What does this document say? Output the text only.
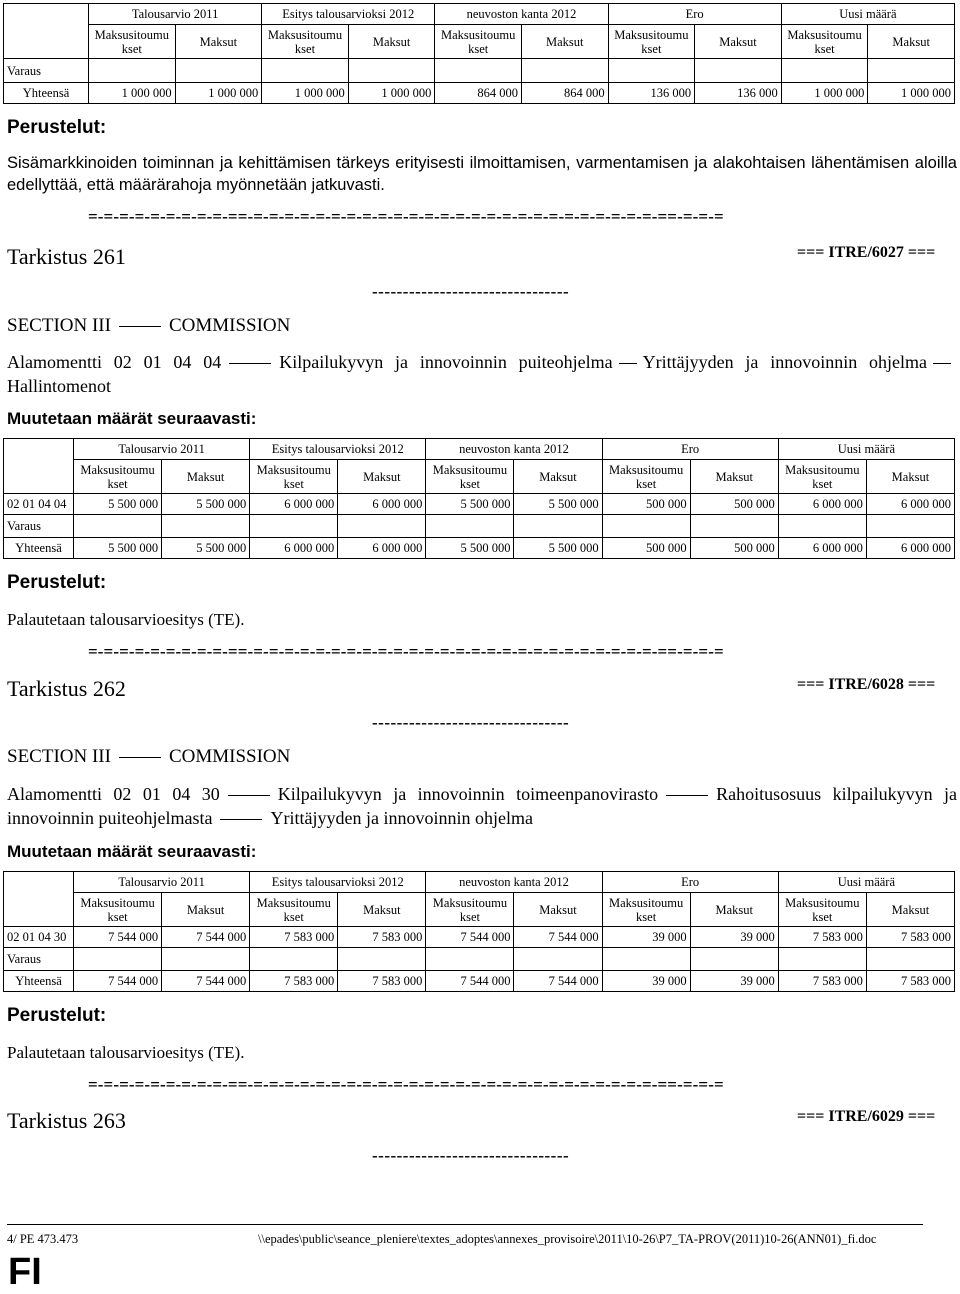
	Talousarvio 2011		Esitys talousarvioksi 2012		neuvoston kanta 2012		Ero		Uusi määrä	
	Maksusitoumu kset	Maksut	Maksusitoumu kset	Maksut	Maksusitoumu kset	Maksut	Maksusitoumu kset	Maksut	Maksusitoumu kset	Maksut
Varaus										
Yhteensä	1 000 000	1 000 000	1 000 000	1 000 000	864 000	864 000	136 000	136 000	1 000 000	1 000 000
Perustelut:
Sisämarkkinoiden toiminnan ja kehittämisen tärkeys erityisesti ilmoittamisen, varmentamisen ja alakohtaisen lähentämisen aloilla edellyttää, että määrärahoja myönnetään jatkuvasti.
=-=-=-=-=-=-=-=-=-==-=-=-=-=-=-=-=-=-=-=-=-=-=-=-=-=-=-=-=-=-=-=-=-=-=-=-==-=-=-=
Tarkistus 261	=== ITRE/6027 ===
--------------------------------
SECTION III	COMMISSION
Alamomentti 02 01 04 04	Kilpailukyvyn ja innovoinnin puiteohjelma Yrittäjyyden ja innovoinnin ohjelmaHallintomenot
Muutetaan määrät seuraavasti:
	Talousarvio 2011		Esitys talousarvioksi 2012		neuvoston kanta 2012		Ero		Uusi määrä	
	Maksusitoumu kset	Maksut	Maksusitoumu kset	Maksut	Maksusitoumu kset	Maksut	Maksusitoumu kset	Maksut	Maksusitoumu kset	Maksut
02 01 04 04	5 500 000	5 500 000	6 000 000	6 000 000	5 500 000	5 500 000	500 000	500 000	6 000 000	6 000 000
Varaus										
Yhteensä	5 500 000	5 500 000	6 000 000	6 000 000	5 500 000	5 500 000	500 000	500 000	6 000 000	6 000 000
Perustelut:
Palautetaan talousarvioesitys (TE).
=-=-=-=-=-=-=-=-=-==-=-=-=-=-=-=-=-=-=-=-=-=-=-=-=-=-=-=-=-=-=-=-=-=-=-=-==-=-=-=
Tarkistus 262	=== ITRE/6028 ===
--------------------------------
SECTION III	COMMISSION
Alamomentti 02 01 04 30	Kilpailukyvyn ja innovoinnin toimeenpanovirasto	Rahoitusosuus kilpailukyvyn ja innovoinnin puiteohjelmasta	Yrittäjyyden ja innovoinnin ohjelma
Muutetaan määrät seuraavasti:
	Talousarvio 2011		Esitys talousarvioksi 2012		neuvoston kanta 2012		Ero		Uusi määrä	
	Maksusitoumu kset	Maksut	Maksusitoumu kset	Maksut	Maksusitoumu kset	Maksut	Maksusitoumu kset	Maksut	Maksusitoumu kset	Maksut
02 01 04 30	7 544 000	7 544 000	7 583 000	7 583 000	7 544 000	7 544 000	39 000	39 000	7 583 000	7 583 000
Varaus										
Yhteensä	7 544 000	7 544 000	7 583 000	7 583 000	7 544 000	7 544 000	39 000	39 000	7 583 000	7 583 000
Perustelut:
Palautetaan talousarvioesitys (TE).
=-=-=-=-=-=-=-=-=-==-=-=-=-=-=-=-=-=-=-=-=-=-=-=-=-=-=-=-=-=-=-=-=-=-=-=-==-=-=-=
Tarkistus 263	=== ITRE/6029 ===
--------------------------------
4/ PE 473.473	\\epades\public\seance_pleniere\textes_adoptes\annexes_provisoire\2011\10-26\P7_TA-PROV(2011)10-26(ANN01)_fi.doc
FI
